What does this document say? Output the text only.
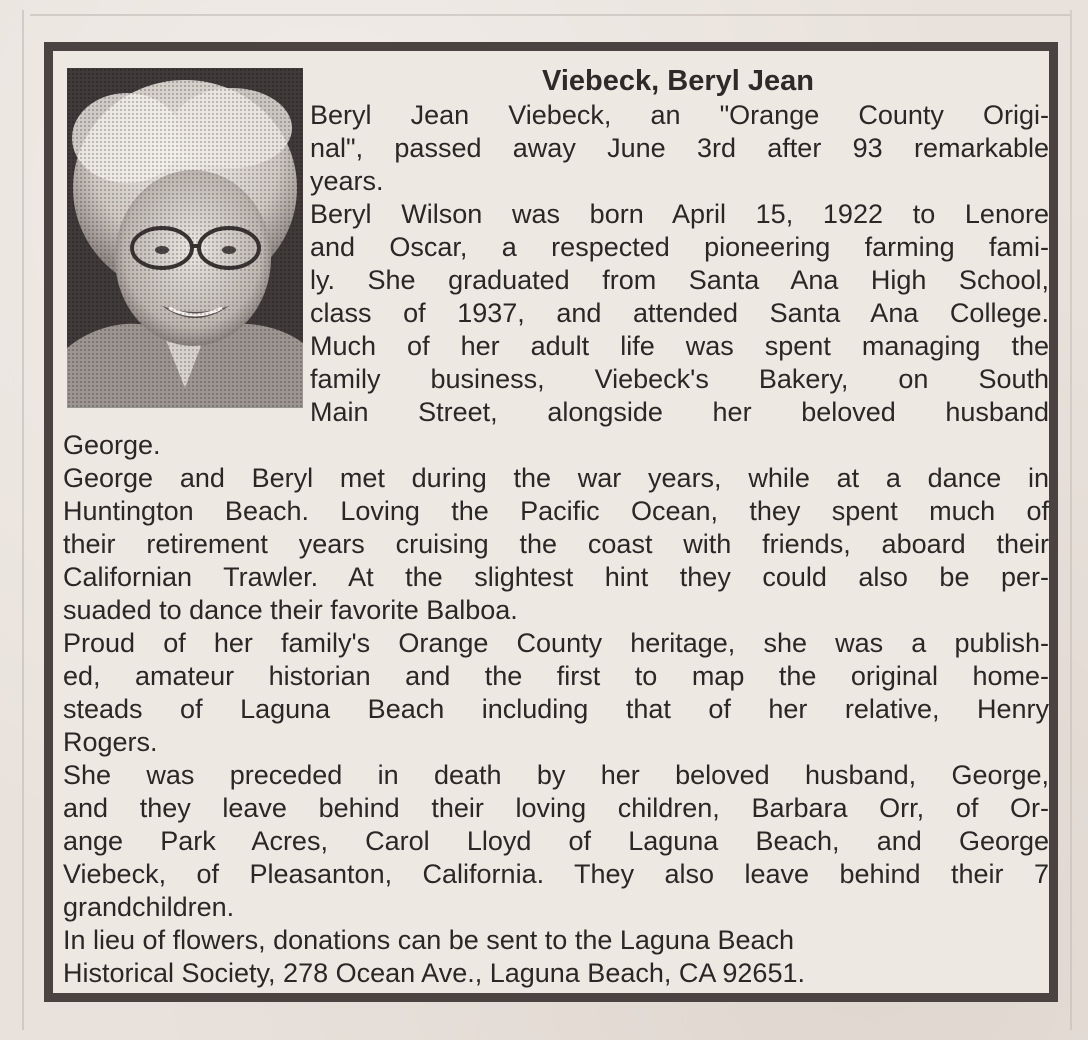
Viebeck, Beryl Jean
Beryl Jean Viebeck, an "Orange County Origi-
nal", passed away June 3rd after 93 remarkable
years.
Beryl Wilson was born April 15, 1922 to Lenore
and Oscar, a respected pioneering farming fami-
ly. She graduated from Santa Ana High School,
class of 1937, and attended Santa Ana College.
Much of her adult life was spent managing the
family business, Viebeck's Bakery, on South
Main Street, alongside her beloved husband
George.
George and Beryl met during the war years, while at a dance in
Huntington Beach. Loving the Pacific Ocean, they spent much of
their retirement years cruising the coast with friends, aboard their
Californian Trawler. At the slightest hint they could also be per-
suaded to dance their favorite Balboa.
Proud of her family's Orange County heritage, she was a publish-
ed, amateur historian and the first to map the original home-
steads of Laguna Beach including that of her relative, Henry
Rogers.
She was preceded in death by her beloved husband, George,
and they leave behind their loving children, Barbara Orr, of Or-
ange Park Acres, Carol Lloyd of Laguna Beach, and George
Viebeck, of Pleasanton, California. They also leave behind their 7
grandchildren.
In lieu of flowers, donations can be sent to the Laguna Beach
Historical Society, 278 Ocean Ave., Laguna Beach, CA 92651.
